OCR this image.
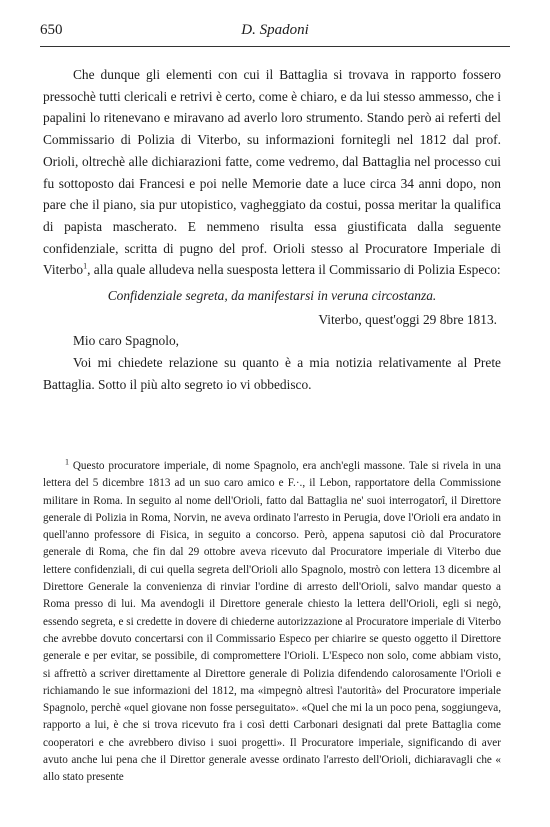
650	D. Spadoni

Che dunque gli elementi con cui il Battaglia si trovava in rapporto fossero pressochè tutti clericali e retrivi è certo, come è chiaro, e da lui stesso ammesso, che i papalini lo ritenevano e miravano ad averlo loro strumento. Stando però ai referti del Commissario di Polizia di Viterbo, su informazioni fornitegli nel 1812 dal prof. Orioli, oltrechè alle dichiarazioni fatte, come vedremo, dal Battaglia nel processo cui fu sottoposto dai Francesi e poi nelle Memorie date a luce circa 34 anni dopo, non pare che il piano, sia pur utopistico, vagheggiato da costui, possa meritar la qualifica di papista mascherato. E nemmeno risulta essa giustificata dalla seguente confidenziale, scritta di pugno del prof. Orioli stesso al Procuratore Imperiale di Viterbo$^1$, alla quale alludeva nella suesposta lettera il Commissario di Polizia Especo:

Confidenziale segreta, da manifestarsi in veruna circostanza.

Viterbo, quest'oggi 29 8bre 1813.

Mio caro Spagnolo,

Voi mi chiedete relazione su quanto è a mia notizia relativamente al Prete Battaglia. Sotto il più alto segreto io vi obbedisco.

$^1$ Questo procuratore imperiale, di nome Spagnolo, era anch'egli massone. Tale si rivela in una lettera del 5 dicembre 1813 ad un suo caro amico e F.·., il Lebon, rapportatore della Commissione militare in Roma. In seguito al nome dell'Orioli, fatto dal Battaglia ne' suoi interrogatorî, il Direttore generale di Polizia in Roma, Norvin, ne aveva ordinato l'arresto in Perugia, dove l'Orioli era andato in quell'anno professore di Fisica, in seguito a concorso. Però, appena saputosi ciò dal Procuratore generale di Roma, che fin dal 29 ottobre aveva ricevuto dal Procuratore imperiale di Viterbo due lettere confidenziali, di cui quella segreta dell'Orioli allo Spagnolo, mostrò con lettera 13 dicembre al Direttore Generale la convenienza di rinviar l'ordine di arresto dell'Orioli, salvo mandar questo a Roma presso di lui. Ma avendogli il Direttore generale chiesto la lettera dell'Orioli, egli si negò, essendo segreta, e si credette in dovere di chiederne autorizzazione al Procuratore imperiale di Viterbo che avrebbe dovuto concertarsi con il Commissario Especo per chiarire se questo oggetto il Direttore generale e per evitar, se possibile, di compromettere l'Orioli. L'Especo non solo, come abbiam visto, si affrettò a scriver direttamente al Direttore generale di Polizia difendendo calorosamente l'Orioli e richiamando le sue informazioni del 1812, ma «impegnò altresì l'autorità» del Procuratore imperiale Spagnolo, perchè «quel giovane non fosse perseguitato». «Quel che mi la un poco pena, soggiungeva, rapporto a lui, è che si trova ricevuto fra i così detti Carbonari designati dal prete Battaglia come cooperatori e che avrebbero diviso i suoi progetti». Il Procuratore imperiale, significando di aver avuto anche lui pena che il Direttor generale avesse ordinato l'arresto dell'Orioli, dichiaravagli che « allo stato presente
